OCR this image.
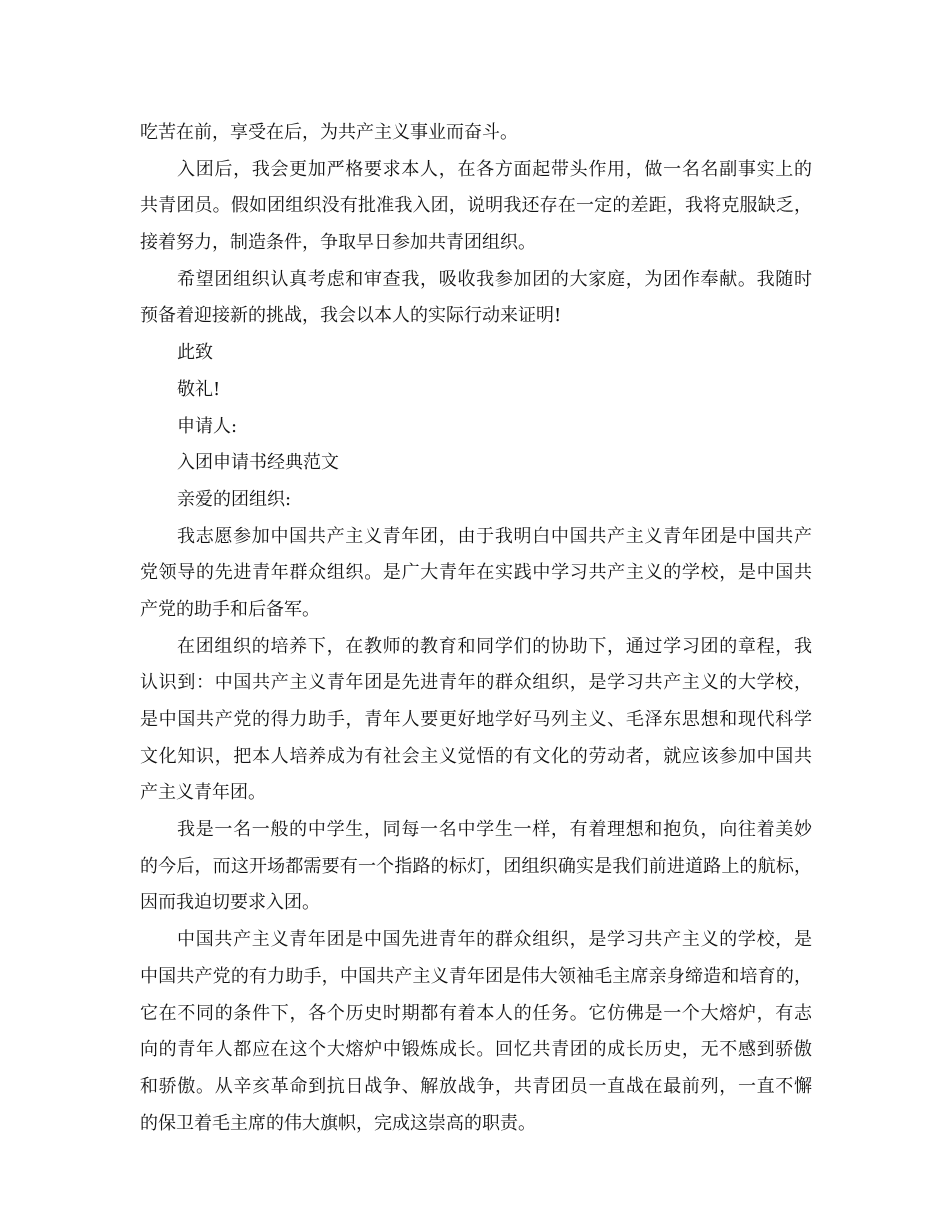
吃苦在前，享受在后，为共产主义事业而奋斗。

入团后，我会更加严格要求本人，在各方面起带头作用，做一名名副事实上的

共青团员。假如团组织没有批准我入团，说明我还存在一定的差距，我将克服缺乏，

接着努力，制造条件，争取早日参加共青团组织。

希望团组织认真考虑和审查我，吸收我参加团的大家庭，为团作奉献。我随时

预备着迎接新的挑战，我会以本人的实际行动来证明!

此致

敬礼!

申请人:

入团申请书经典范文

亲爱的团组织:

我志愿参加中国共产主义青年团，由于我明白中国共产主义青年团是中国共产

党领导的先进青年群众组织。是广大青年在实践中学习共产主义的学校，是中国共

产党的助手和后备军。

在团组织的培养下，在教师的教育和同学们的协助下，通过学习团的章程，我

认识到：中国共产主义青年团是先进青年的群众组织，是学习共产主义的大学校，

是中国共产党的得力助手，青年人要更好地学好马列主义、毛泽东思想和现代科学

文化知识，把本人培养成为有社会主义觉悟的有文化的劳动者，就应该参加中国共

产主义青年团。

我是一名一般的中学生，同每一名中学生一样，有着理想和抱负，向往着美妙

的今后，而这开场都需要有一个指路的标灯，团组织确实是我们前进道路上的航标，

因而我迫切要求入团。

中国共产主义青年团是中国先进青年的群众组织，是学习共产主义的学校，是

中国共产党的有力助手，中国共产主义青年团是伟大领袖毛主席亲身缔造和培育的，

它在不同的条件下，各个历史时期都有着本人的任务。它仿佛是一个大熔炉，有志

向的青年人都应在这个大熔炉中锻炼成长。回忆共青团的成长历史，无不感到骄傲

和骄傲。从辛亥革命到抗日战争、解放战争，共青团员一直战在最前列，一直不懈

的保卫着毛主席的伟大旗帜，完成这崇高的职责。
